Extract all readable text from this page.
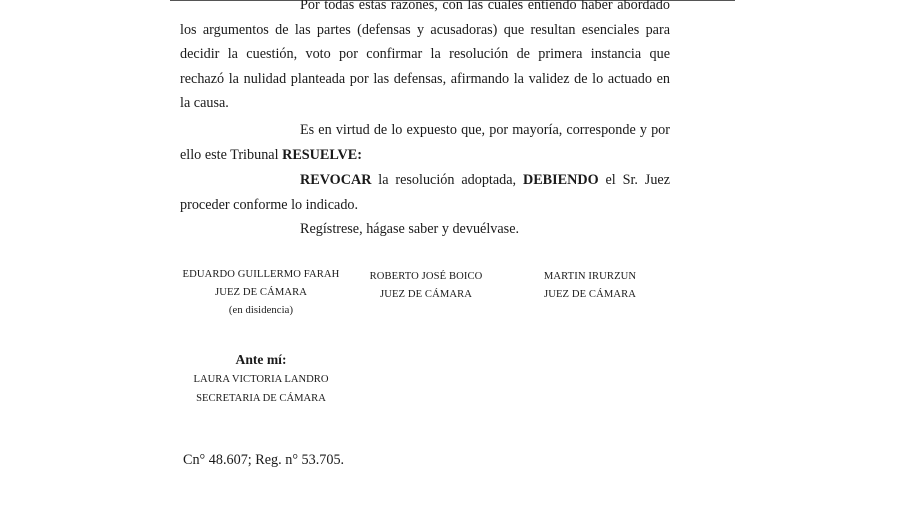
Por todas estas razones, con las cuales entiendo haber abordado
los argumentos de las partes (defensas y acusadoras) que resultan esenciales para
decidir la cuestión, voto por confirmar la resolución de primera instancia que
rechazó la nulidad planteada por las defensas, afirmando la validez de lo actuado en
la causa.
Es en virtud de lo expuesto que, por mayoría, corresponde y por
ello este Tribunal RESUELVE:
REVOCAR la resolución adoptada, DEBIENDO el Sr. Juez
proceder conforme lo indicado.
Regístrese, hágase saber y devuélvase.
EDUARDO GUILLERMO FARAH
JUEZ DE CÁMARA
(en disidencia)
ROBERTO JOSÉ BOICO
JUEZ DE CÁMARA
MARTIN IRURZUN
JUEZ DE CÁMARA
Ante mí:
LAURA VICTORIA LANDRO
SECRETARIA DE CÁMARA
Cn° 48.607; Reg. n° 53.705.
